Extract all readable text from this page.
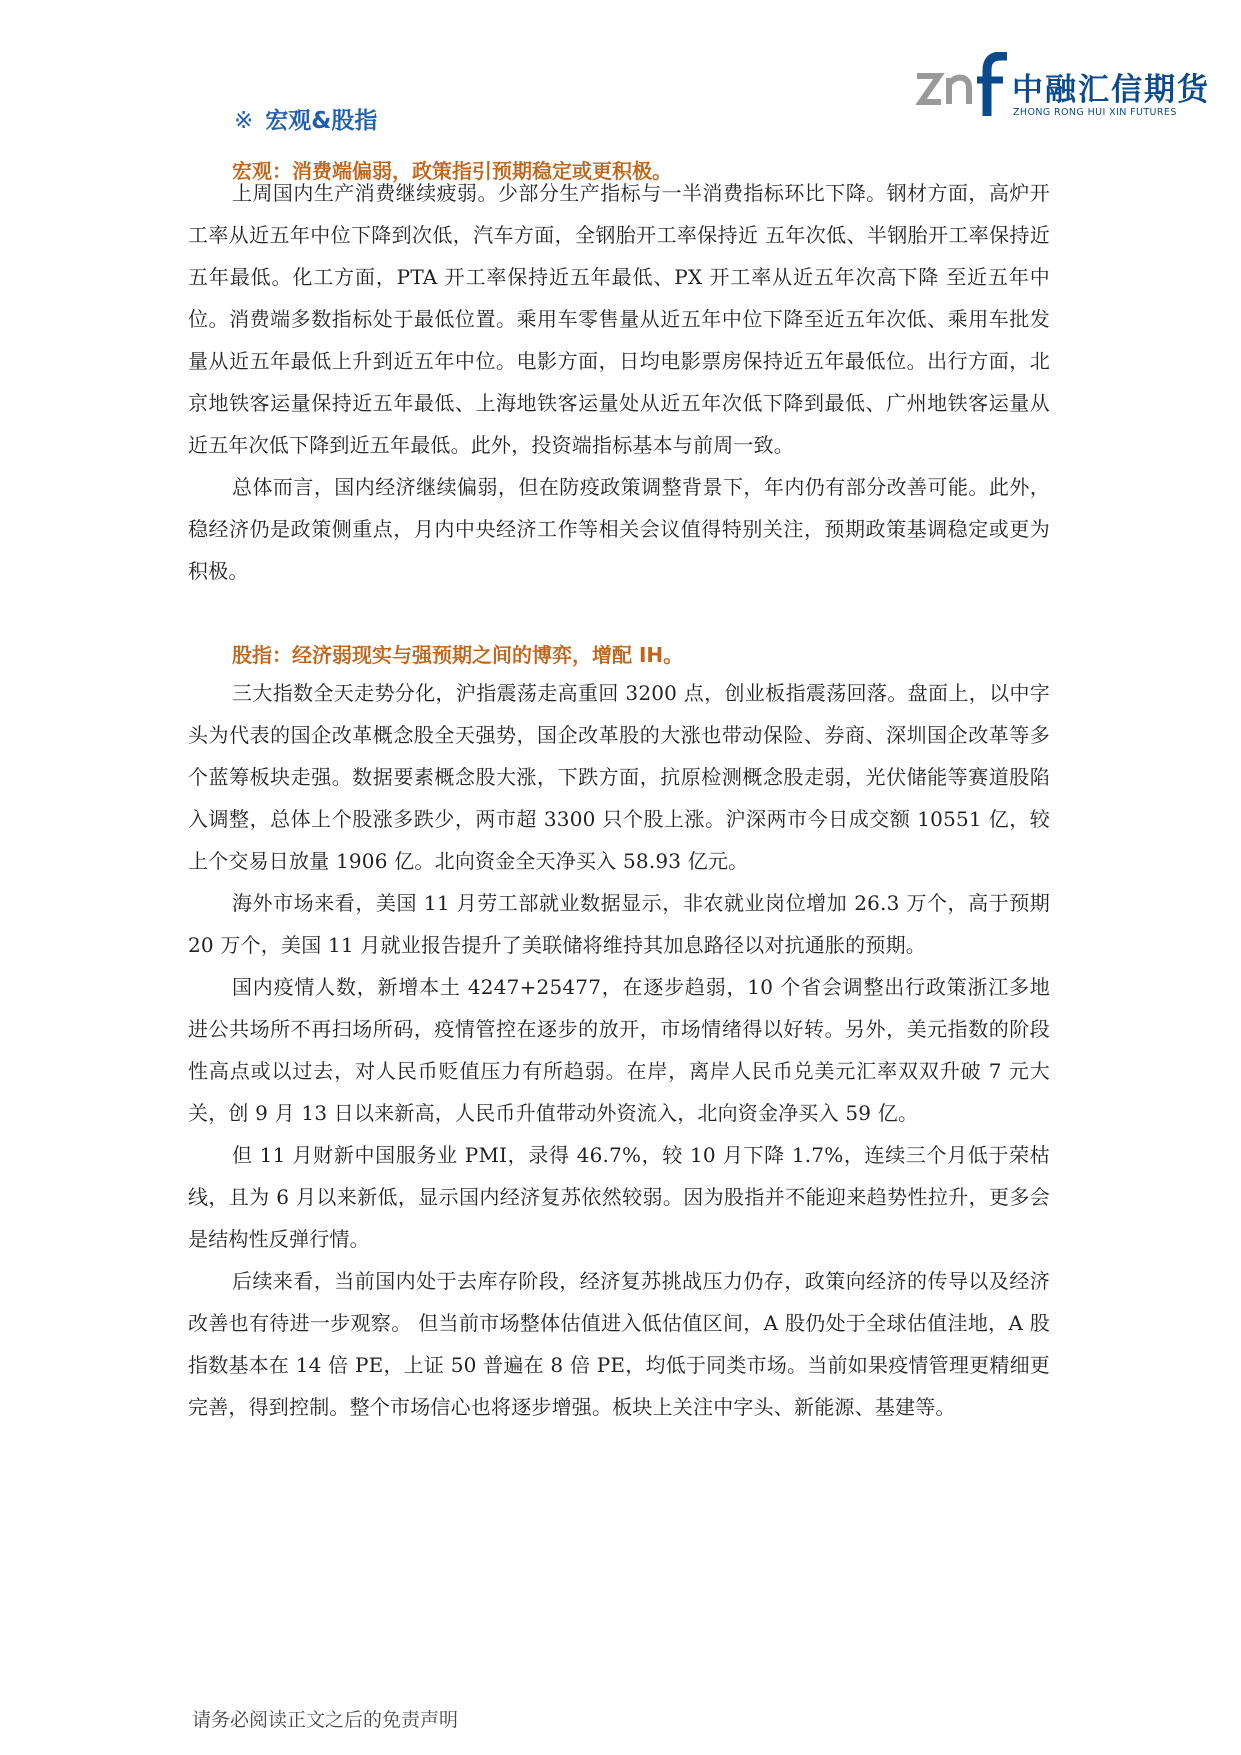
中融汇信期货
ZHONG RONG HUI XIN FUTURES
※ 宏观&股指
宏观：消费端偏弱，政策指引预期稳定或更积极。

上周国内生产消费继续疲弱。少部分生产指标与一半消费指标环比下降。钢材方面，高炉开工率从近五年中位下降到次低，汽车方面，全钢胎开工率保持近 五年次低、半钢胎开工率保持近五年最低。化工方面，PTA 开工率保持近五年最低、PX 开工率从近五年次高下降 至近五年中位。消费端多数指标处于最低位置。乘用车零售量从近五年中位下降至近五年次低、乘用车批发量从近五年最低上升到近五年中位。电影方面，日均电影票房保持近五年最低位。出行方面，北京地铁客运量保持近五年最低、上海地铁客运量处从近五年次低下降到最低、广州地铁客运量从近五年次低下降到近五年最低。此外，投资端指标基本与前周一致。

总体而言，国内经济继续偏弱，但在防疫政策调整背景下，年内仍有部分改善可能。此外，稳经济仍是政策侧重点，月内中央经济工作等相关会议值得特别关注，预期政策基调稳定或更为积极。

股指：经济弱现实与强预期之间的博弈，增配 IH。

三大指数全天走势分化，沪指震荡走高重回 3200 点，创业板指震荡回落。盘面上，以中字头为代表的国企改革概念股全天强势，国企改革股的大涨也带动保险、券商、深圳国企改革等多个蓝筹板块走强。数据要素概念股大涨，下跌方面，抗原检测概念股走弱，光伏储能等赛道股陷入调整，总体上个股涨多跌少，两市超 3300 只个股上涨。沪深两市今日成交额 10551 亿，较上个交易日放量 1906 亿。北向资金全天净买入 58.93 亿元。

海外市场来看，美国 11 月劳工部就业数据显示，非农就业岗位增加 26.3 万个，高于预期 20 万个，美国 11 月就业报告提升了美联储将维持其加息路径以对抗通胀的预期。

国内疫情人数，新增本土 4247+25477，在逐步趋弱，10 个省会调整出行政策浙江多地进公共场所不再扫场所码，疫情管控在逐步的放开，市场情绪得以好转。另外，美元指数的阶段性高点或以过去，对人民币贬值压力有所趋弱。在岸，离岸人民币兑美元汇率双双升破 7 元大关，创 9 月 13 日以来新高，人民币升值带动外资流入，北向资金净买入 59 亿。

但 11 月财新中国服务业 PMI，录得 46.7%，较 10 月下降 1.7%，连续三个月低于荣枯线，且为 6 月以来新低，显示国内经济复苏依然较弱。因为股指并不能迎来趋势性拉升，更多会是结构性反弹行情。

后续来看，当前国内处于去库存阶段，经济复苏挑战压力仍存，政策向经济的传导以及经济改善也有待进一步观察。 但当前市场整体估值进入低估值区间，A 股仍处于全球估值洼地，A 股指数基本在 14 倍 PE，上证 50 普遍在 8 倍 PE，均低于同类市场。当前如果疫情管理更精细更完善，得到控制。整个市场信心也将逐步增强。板块上关注中字头、新能源、基建等。

请务必阅读正文之后的免责声明
